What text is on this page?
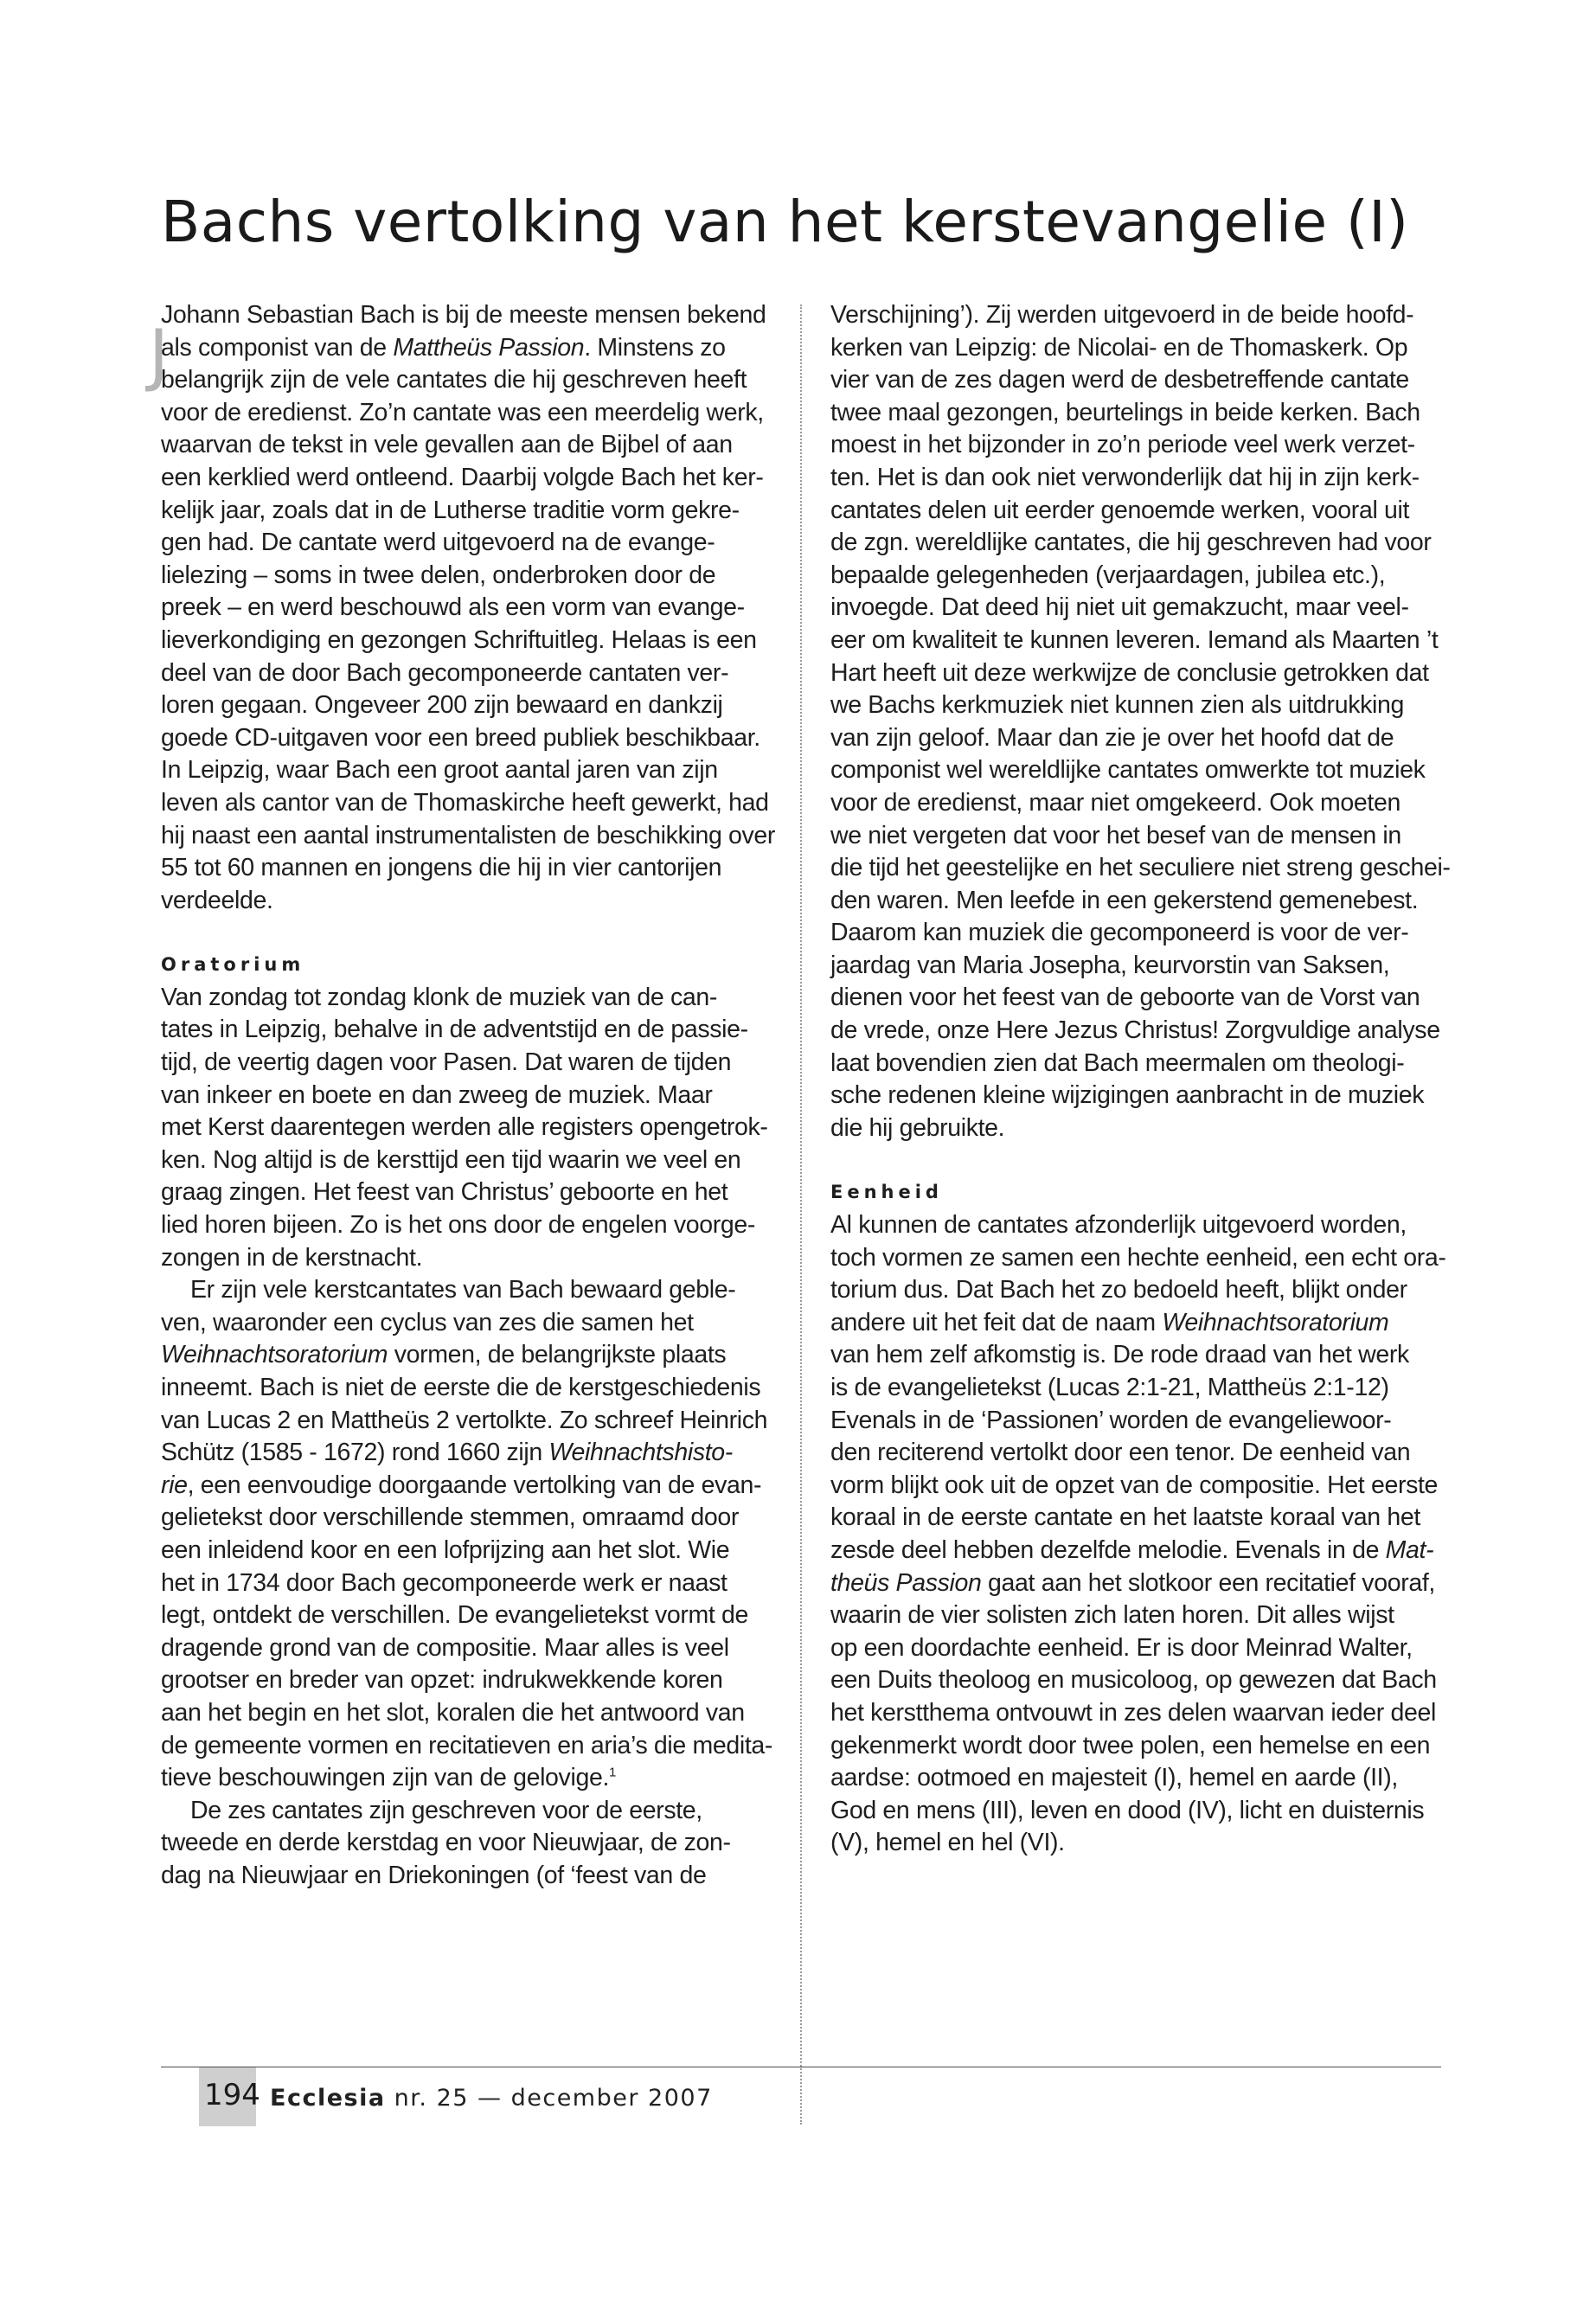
Bachs vertolking van het kerstevangelie (I)
J

Johann Sebastian Bach is bij de meeste mensen bekend

als componist van de Mattheüs Passion. Minstens zo

belangrijk zijn de vele cantates die hij geschreven heeft

voor de eredienst. Zo’n cantate was een meerdelig werk,

waarvan de tekst in vele gevallen aan de Bijbel of aan

een kerklied werd ontleend. Daarbij volgde Bach het ker-

kelijk jaar, zoals dat in de Lutherse traditie vorm gekre-

gen had. De cantate werd uitgevoerd na de evange-

lielezing – soms in twee delen, onderbroken door de

preek – en werd beschouwd als een vorm van evange-

lieverkondiging en gezongen Schriftuitleg. Helaas is een

deel van de door Bach gecomponeerde cantaten ver-

loren gegaan. Ongeveer 200 zijn bewaard en dankzij

goede CD-uitgaven voor een breed publiek beschikbaar.

In Leipzig, waar Bach een groot aantal jaren van zijn

leven als cantor van de Thomaskirche heeft gewerkt, had

hij naast een aantal instrumentalisten de beschikking over

55 tot 60 mannen en jongens die hij in vier cantorijen

verdeelde.

Oratorium

Van zondag tot zondag klonk de muziek van de can-

tates in Leipzig, behalve in de adventstijd en de passie-

tijd, de veertig dagen voor Pasen. Dat waren de tijden

van inkeer en boete en dan zweeg de muziek. Maar

met Kerst daarentegen werden alle registers opengetrok-

ken. Nog altijd is de kersttijd een tijd waarin we veel en

graag zingen. Het feest van Christus’ geboorte en het

lied horen bijeen. Zo is het ons door de engelen voorge-

zongen in de kerstnacht.

Er zijn vele kerstcantates van Bach bewaard geble-

ven, waaronder een cyclus van zes die samen het

Weihnachtsoratorium vormen, de belangrijkste plaats

inneemt. Bach is niet de eerste die de kerstgeschiedenis

van Lucas 2 en Mattheüs 2 vertolkte. Zo schreef Heinrich

Schütz (1585 - 1672) rond 1660 zijn Weihnachtshisto-

rie, een eenvoudige doorgaande vertolking van de evan-

gelietekst door verschillende stemmen, omraamd door

een inleidend koor en een lofprijzing aan het slot. Wie

het in 1734 door Bach gecomponeerde werk er naast

legt, ontdekt de verschillen. De evangelietekst vormt de

dragende grond van de compositie. Maar alles is veel

grootser en breder van opzet: indrukwekkende koren

aan het begin en het slot, koralen die het antwoord van

de gemeente vormen en recitatieven en aria’s die medita-

tieve beschouwingen zijn van de gelovige.$^1$

De zes cantates zijn geschreven voor de eerste,

tweede en derde kerstdag en voor Nieuwjaar, de zon-

dag na Nieuwjaar en Driekoningen (of ‘feest van de

Verschijning’). Zij werden uitgevoerd in de beide hoofd-

kerken van Leipzig: de Nicolai- en de Thomaskerk. Op

vier van de zes dagen werd de desbetreffende cantate

twee maal gezongen, beurtelings in beide kerken. Bach

moest in het bijzonder in zo’n periode veel werk verzet-

ten. Het is dan ook niet verwonderlijk dat hij in zijn kerk-

cantates delen uit eerder genoemde werken, vooral uit

de zgn. wereldlijke cantates, die hij geschreven had voor

bepaalde gelegenheden (verjaardagen, jubilea etc.),

invoegde. Dat deed hij niet uit gemakzucht, maar veel-

eer om kwaliteit te kunnen leveren. Iemand als Maarten ’t

Hart heeft uit deze werkwijze de conclusie getrokken dat

we Bachs kerkmuziek niet kunnen zien als uitdrukking

van zijn geloof. Maar dan zie je over het hoofd dat de

componist wel wereldlijke cantates omwerkte tot muziek

voor de eredienst, maar niet omgekeerd. Ook moeten

we niet vergeten dat voor het besef van de mensen in

die tijd het geestelijke en het seculiere niet streng geschei-

den waren. Men leefde in een gekerstend gemenebest.

Daarom kan muziek die gecomponeerd is voor de ver-

jaardag van Maria Josepha, keurvorstin van Saksen,

dienen voor het feest van de geboorte van de Vorst van

de vrede, onze Here Jezus Christus! Zorgvuldige analyse

laat bovendien zien dat Bach meermalen om theologi-

sche redenen kleine wijzigingen aanbracht in de muziek

die hij gebruikte.

Eenheid

Al kunnen de cantates afzonderlijk uitgevoerd worden,

toch vormen ze samen een hechte eenheid, een echt ora-

torium dus. Dat Bach het zo bedoeld heeft, blijkt onder

andere uit het feit dat de naam Weihnachtsoratorium

van hem zelf afkomstig is. De rode draad van het werk

is de evangelietekst (Lucas 2:1-21, Mattheüs 2:1-12)

Evenals in de ‘Passionen’ worden de evangeliewoor-

den reciterend vertolkt door een tenor. De eenheid van

vorm blijkt ook uit de opzet van de compositie. Het eerste

koraal in de eerste cantate en het laatste koraal van het

zesde deel hebben dezelfde melodie. Evenals in de Mat-

theüs Passion gaat aan het slotkoor een recitatief vooraf,

waarin de vier solisten zich laten horen. Dit alles wijst

op een doordachte eenheid. Er is door Meinrad Walter,

een Duits theoloog en musicoloog, op gewezen dat Bach

het kerstthema ontvouwt in zes delen waarvan ieder deel

gekenmerkt wordt door twee polen, een hemelse en een

aardse: ootmoed en majesteit (I), hemel en aarde (II),

God en mens (III), leven en dood (IV), licht en duisternis

(V), hemel en hel (VI).

194 Ecclesia nr. 25 — december 2007
